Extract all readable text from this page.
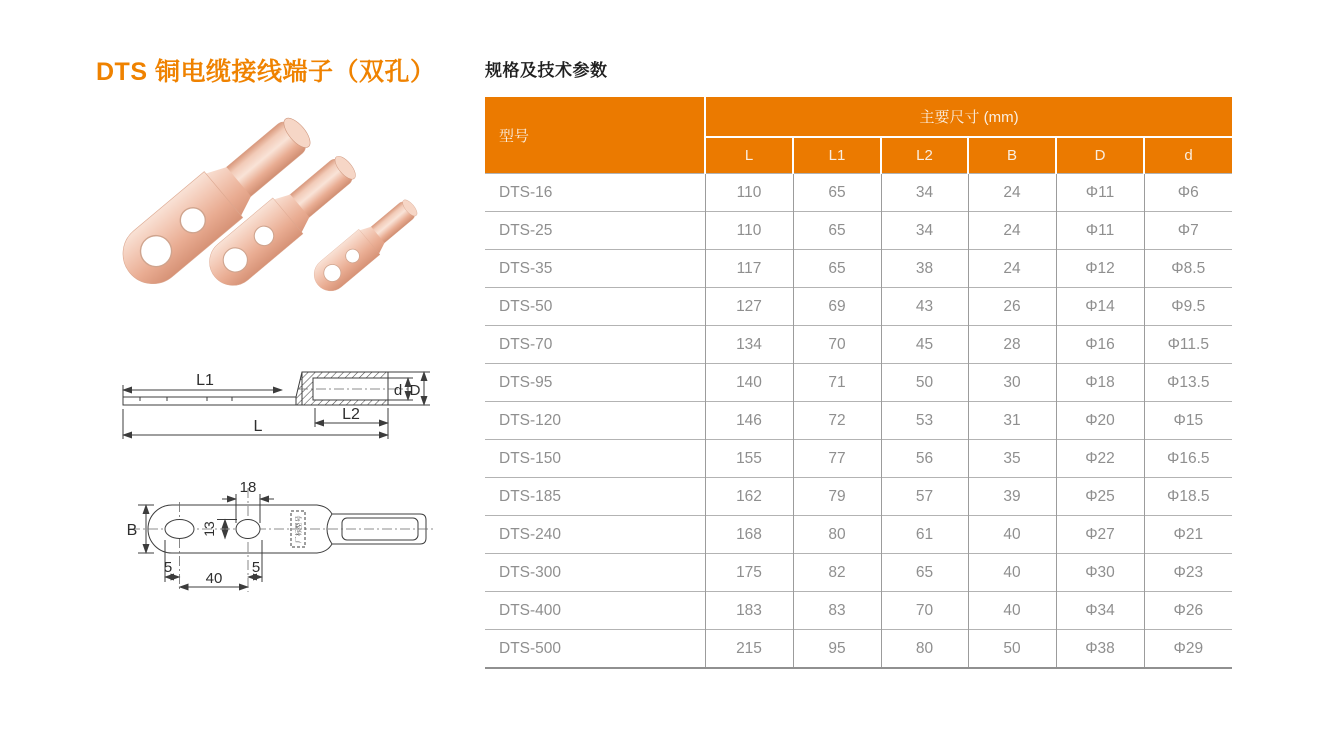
DTS 铜电缆接线端子（双孔）
L1
d D
L2
L
B
18
13
5	5
40
厂标型号
规格及技术参数
型号	主要尺寸 (mm)					
	L	L1	L2	B	D	d
DTS-16	110	65	34	24	Φ11	Φ6
DTS-25	110	65	34	24	Φ11	Φ7
DTS-35	117	65	38	24	Φ12	Φ8.5
DTS-50	127	69	43	26	Φ14	Φ9.5
DTS-70	134	70	45	28	Φ16	Φ11.5
DTS-95	140	71	50	30	Φ18	Φ13.5
DTS-120	146	72	53	31	Φ20	Φ15
DTS-150	155	77	56	35	Φ22	Φ16.5
DTS-185	162	79	57	39	Φ25	Φ18.5
DTS-240	168	80	61	40	Φ27	Φ21
DTS-300	175	82	65	40	Φ30	Φ23
DTS-400	183	83	70	40	Φ34	Φ26
DTS-500	215	95	80	50	Φ38	Φ29
